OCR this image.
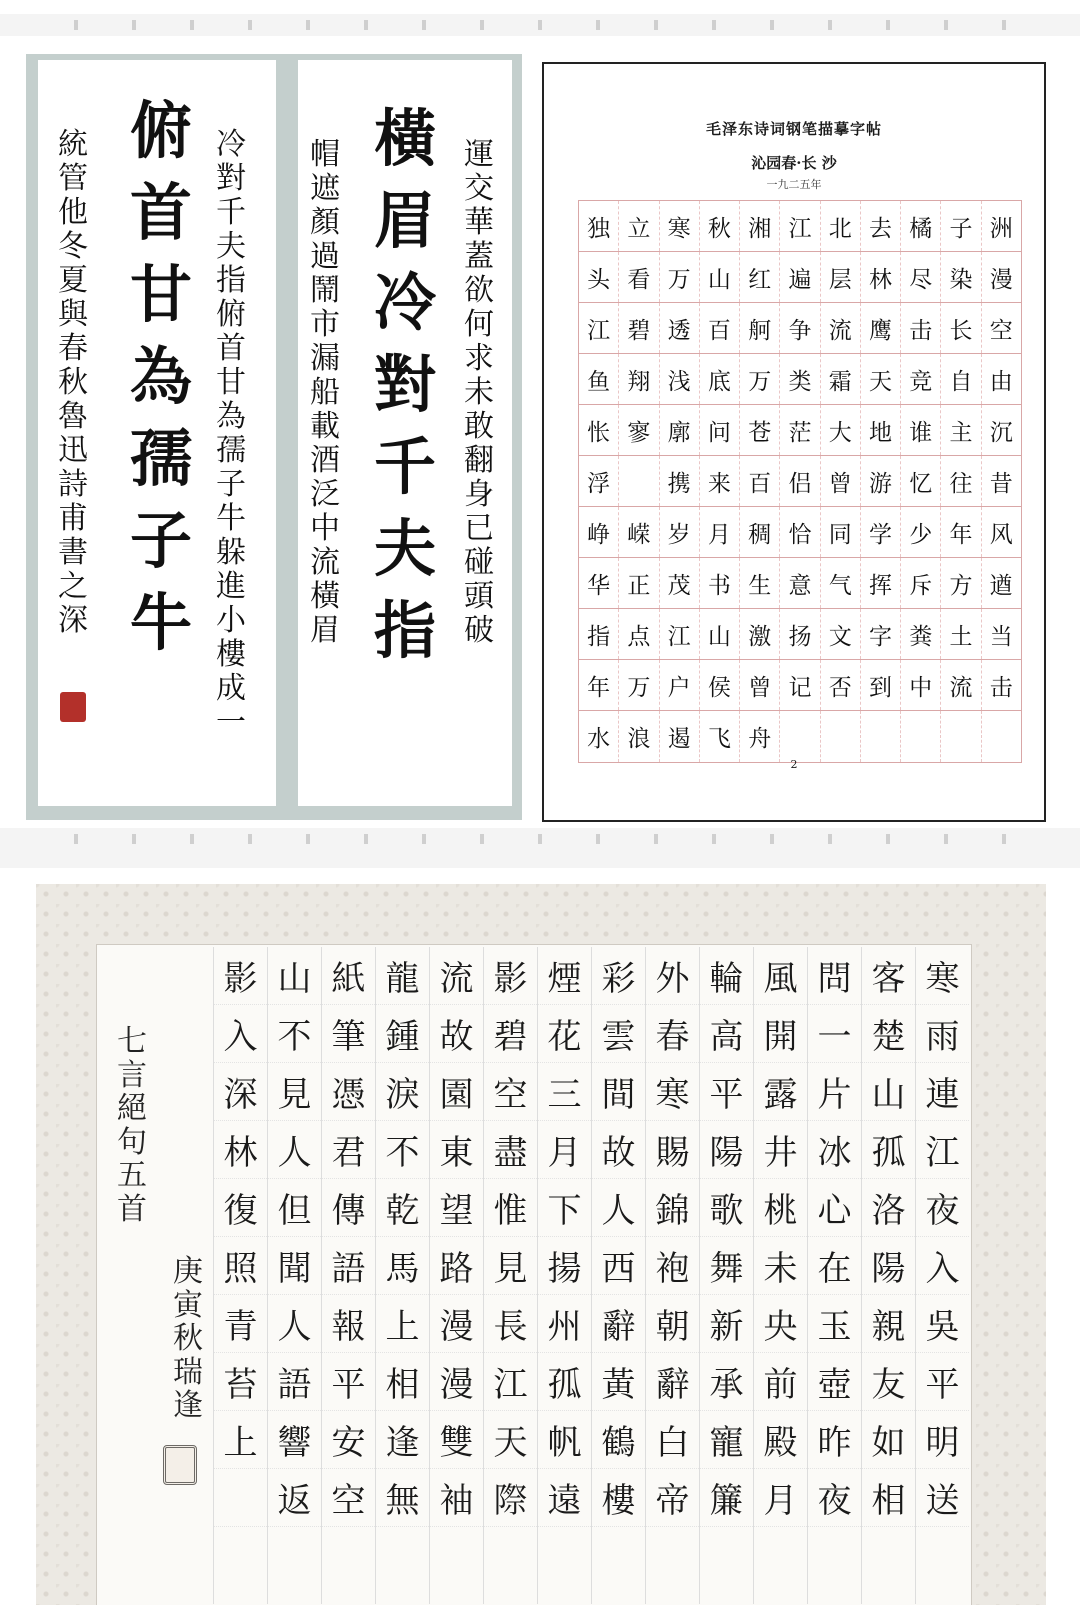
統
管
他
冬
夏
與
春
秋
魯
迅
詩
甫
書
之
深
俯
首
甘
為
孺
子
牛
冷
對
千
夫
指
俯
首
甘
為
孺
子
牛
躲
進
小
樓
成
一
帽
遮
顏
過
鬧
市
漏
船
載
酒
泛
中
流
橫
眉
橫
眉
冷
對
千
夫
指
運
交
華
蓋
欲
何
求
未
敢
翻
身
已
碰
頭
破
毛泽东诗词钢笔描摹字帖
沁园春·长 沙
一九二五年
独 立 寒 秋 湘 江 北 去 橘 子 洲
头 看 万 山 红 遍 层 林 尽 染 漫
江 碧 透 百 舸 争 流 鹰 击 长 空
鱼 翔 浅 底 万 类 霜 天 竞 自 由
怅 寥 廓 问 苍 茫 大 地 谁 主 沉
浮	携 来 百 侣 曾 游 忆 往 昔
峥 嵘 岁 月 稠 恰 同 学 少 年 风
华 正 茂 书 生 意 气 挥 斥 方 遒
指 点 江 山 激 扬 文 字 粪 土 当
年 万 户 侯 曾 记 否 到 中 流 击
水 浪 遏 飞 舟
2
寒
雨
連
江
夜
入
吳
平
明
送
客
楚
山
孤
洛
陽
親
友
如
相
問
一
片
冰
心
在
玉
壺
昨
夜
風
開
露
井
桃
未
央
前
殿
月
輪
高
平
陽
歌
舞
新
承
寵
簾
外
春
寒
賜
錦
袍
朝
辭
白
帝
彩
雲
間
故
人
西
辭
黃
鶴
樓
煙
花
三
月
下
揚
州
孤
帆
遠
影
碧
空
盡
惟
見
長
江
天
際
流
故
園
東
望
路
漫
漫
雙
袖
龍
鍾
淚
不
乾
馬
上
相
逢
無
紙
筆
憑
君
傳
語
報
平
安
空
山
不
見
人
但
聞
人
語
響
返
影
入
深
林
復
照
青
苔
上
七
言
絕
句
五
首
庚
寅
秋
瑞
逢
